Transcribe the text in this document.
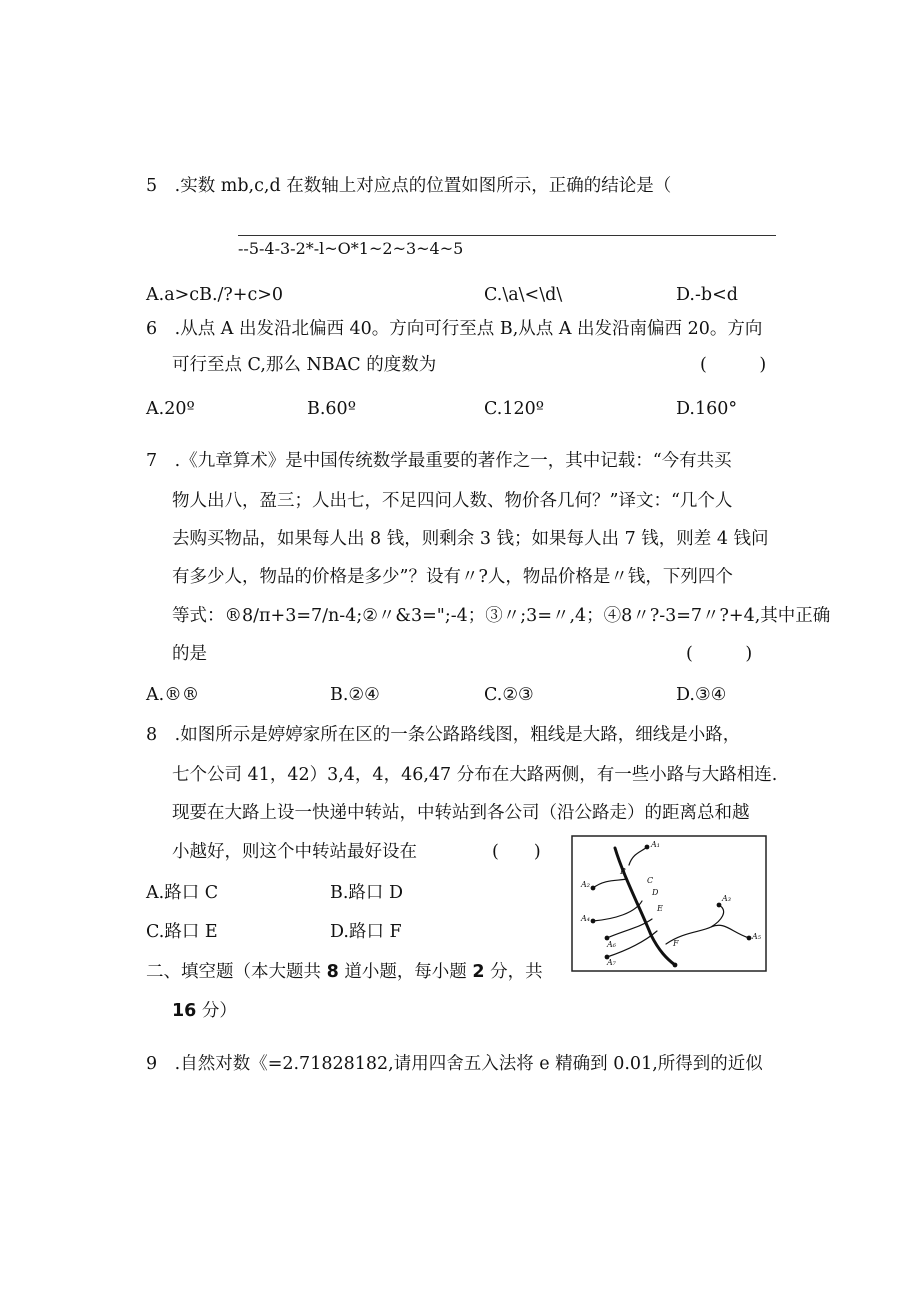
5　.实数 mb,c,d 在数轴上对应点的位置如图所示，正确的结论是（
--5-4-3-2*-l~O*1~2~3~4~5
A.a>cB./?+c>0	C.\a\<\d\	D.-b<d
6　.从点 A 出发沿北偏西 40。方向可行至点 B,从点 A 出发沿南偏西 20。方向
可行至点 C,那么 NBAC 的度数为	(　　　)
A.20º	B.60º	C.120º	D.160°
7　.《九章算术》是中国传统数学最重要的著作之一，其中记载：“今有共买
物人出八，盈三；人出七，不足四问人数、物价各几何？”译文：“几个人
去购买物品，如果每人出 8 钱，则剩余 3 钱；如果每人出 7 钱，则差 4 钱问
有多少人，物品的价格是多少”？设有〃?人，物品价格是〃钱，下列四个
等式：®8∕π+3=7∕n-4;②〃&3=";-4；③〃;3=〃,4；④8〃?-3=7〃?+4,其中正确
的是	(　　　)
A.®®	B.②④	C.②③	D.③④
8　.如图所示是婷婷家所在区的一条公路路线图，粗线是大路，细线是小路，
七个公司 41，42）3,4，4，46,47 分布在大路两侧，有一些小路与大路相连.
现要在大路上设一快递中转站，中转站到各公司（沿公路走）的距离总和越
小越好，则这个中转站最好设在	(　　)
A.路口 C	B.路口 D
C.路口 E	D.路口 F
A₁
A₂
A₃
A₄
A₅
A₆
A₇
B
C
D
E
F
二、填空题（本大题共 8 道小题，每小题 2 分，共
16 分）
9　.自然对数《=2.71828182,请用四舍五入法将 e 精确到 0.01,所得到的近似
